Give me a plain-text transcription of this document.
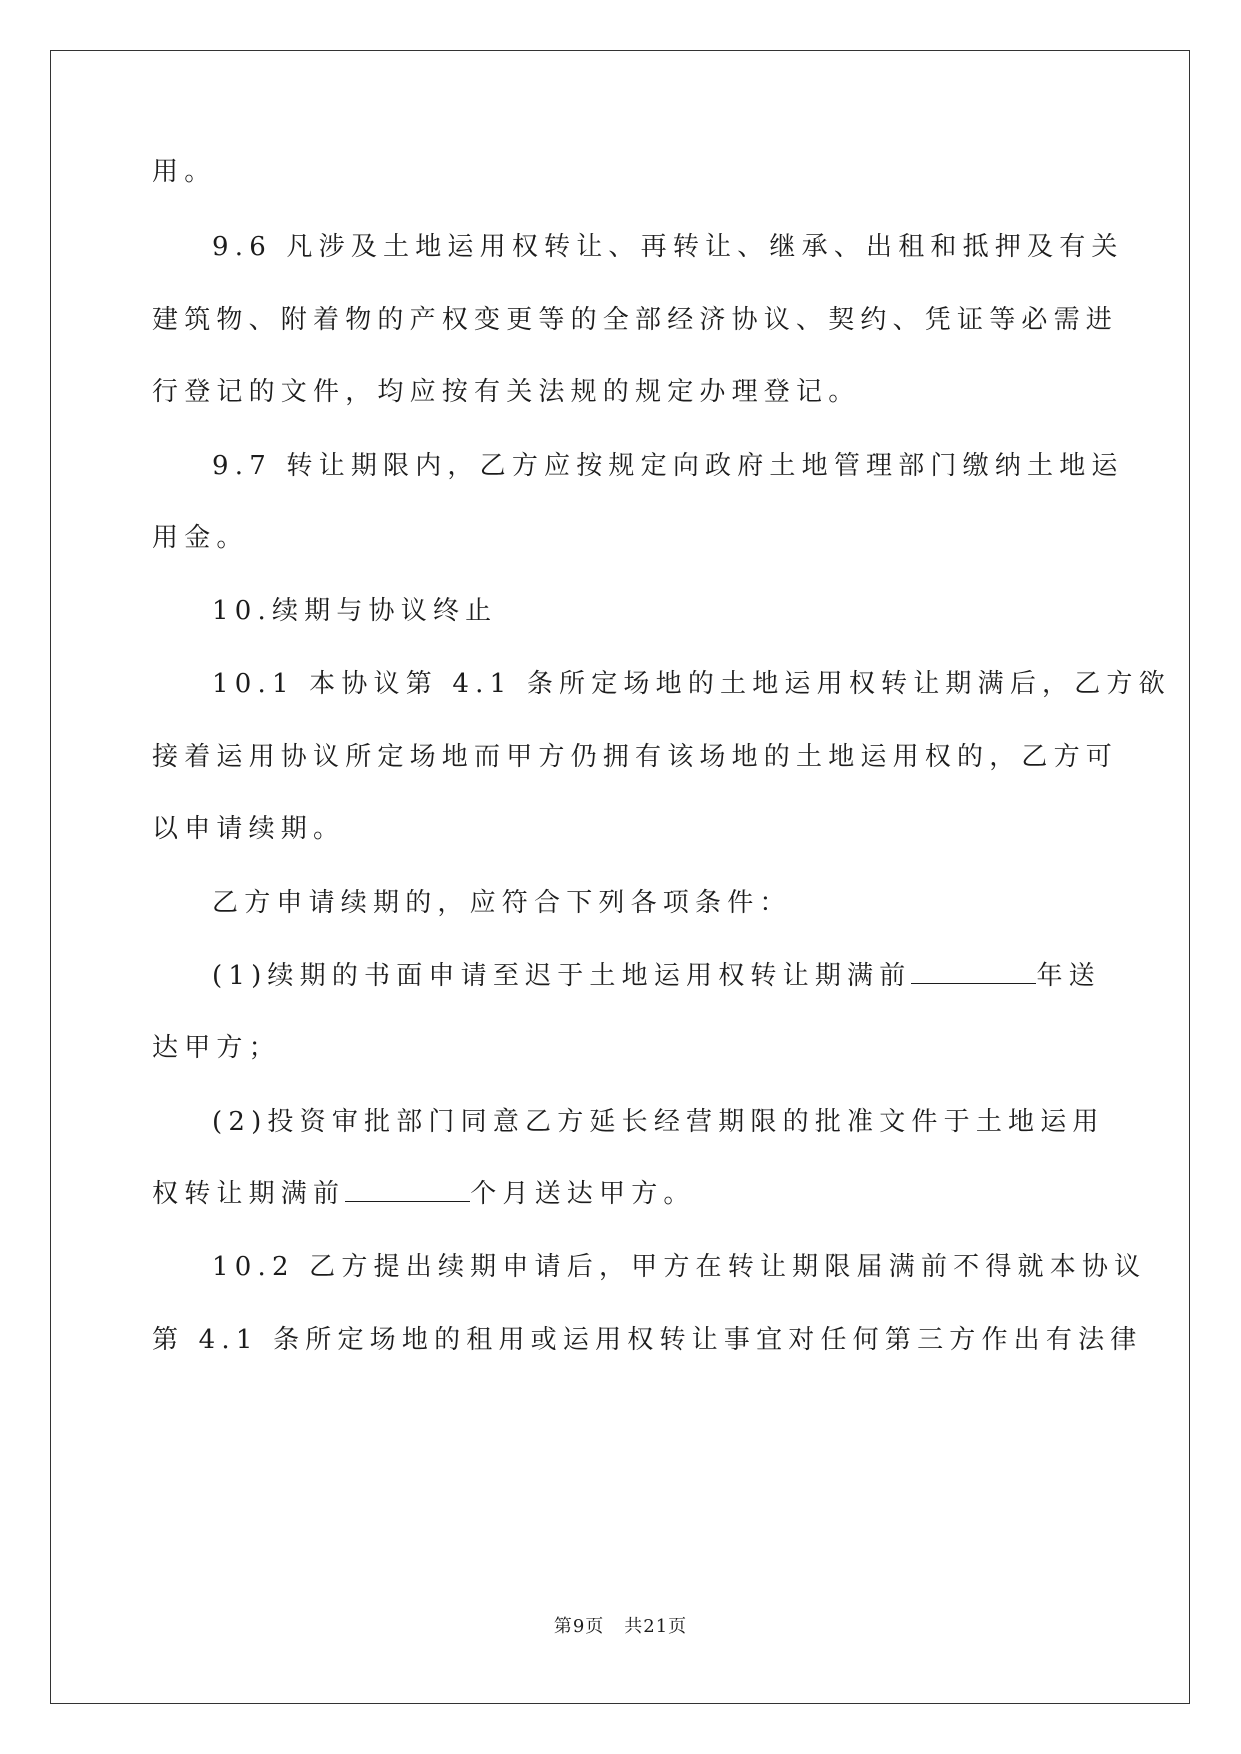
用。
9.6 凡涉及土地运用权转让、再转让、继承、出租和抵押及有关
建筑物、附着物的产权变更等的全部经济协议、契约、凭证等必需进
行登记的文件，均应按有关法规的规定办理登记。
9.7 转让期限内，乙方应按规定向政府土地管理部门缴纳土地运
用金。
10.续期与协议终止
10.1 本协议第 4.1 条所定场地的土地运用权转让期满后，乙方欲
接着运用协议所定场地而甲方仍拥有该场地的土地运用权的，乙方可
以申请续期。
乙方申请续期的，应符合下列各项条件：
(1)续期的书面申请至迟于土地运用权转让期满前	年送
达甲方；
(2)投资审批部门同意乙方延长经营期限的批准文件于土地运用
权转让期满前	个月送达甲方。
10.2 乙方提出续期申请后，甲方在转让期限届满前不得就本协议
第 4.1 条所定场地的租用或运用权转让事宜对任何第三方作出有法律
第9页 共21页
